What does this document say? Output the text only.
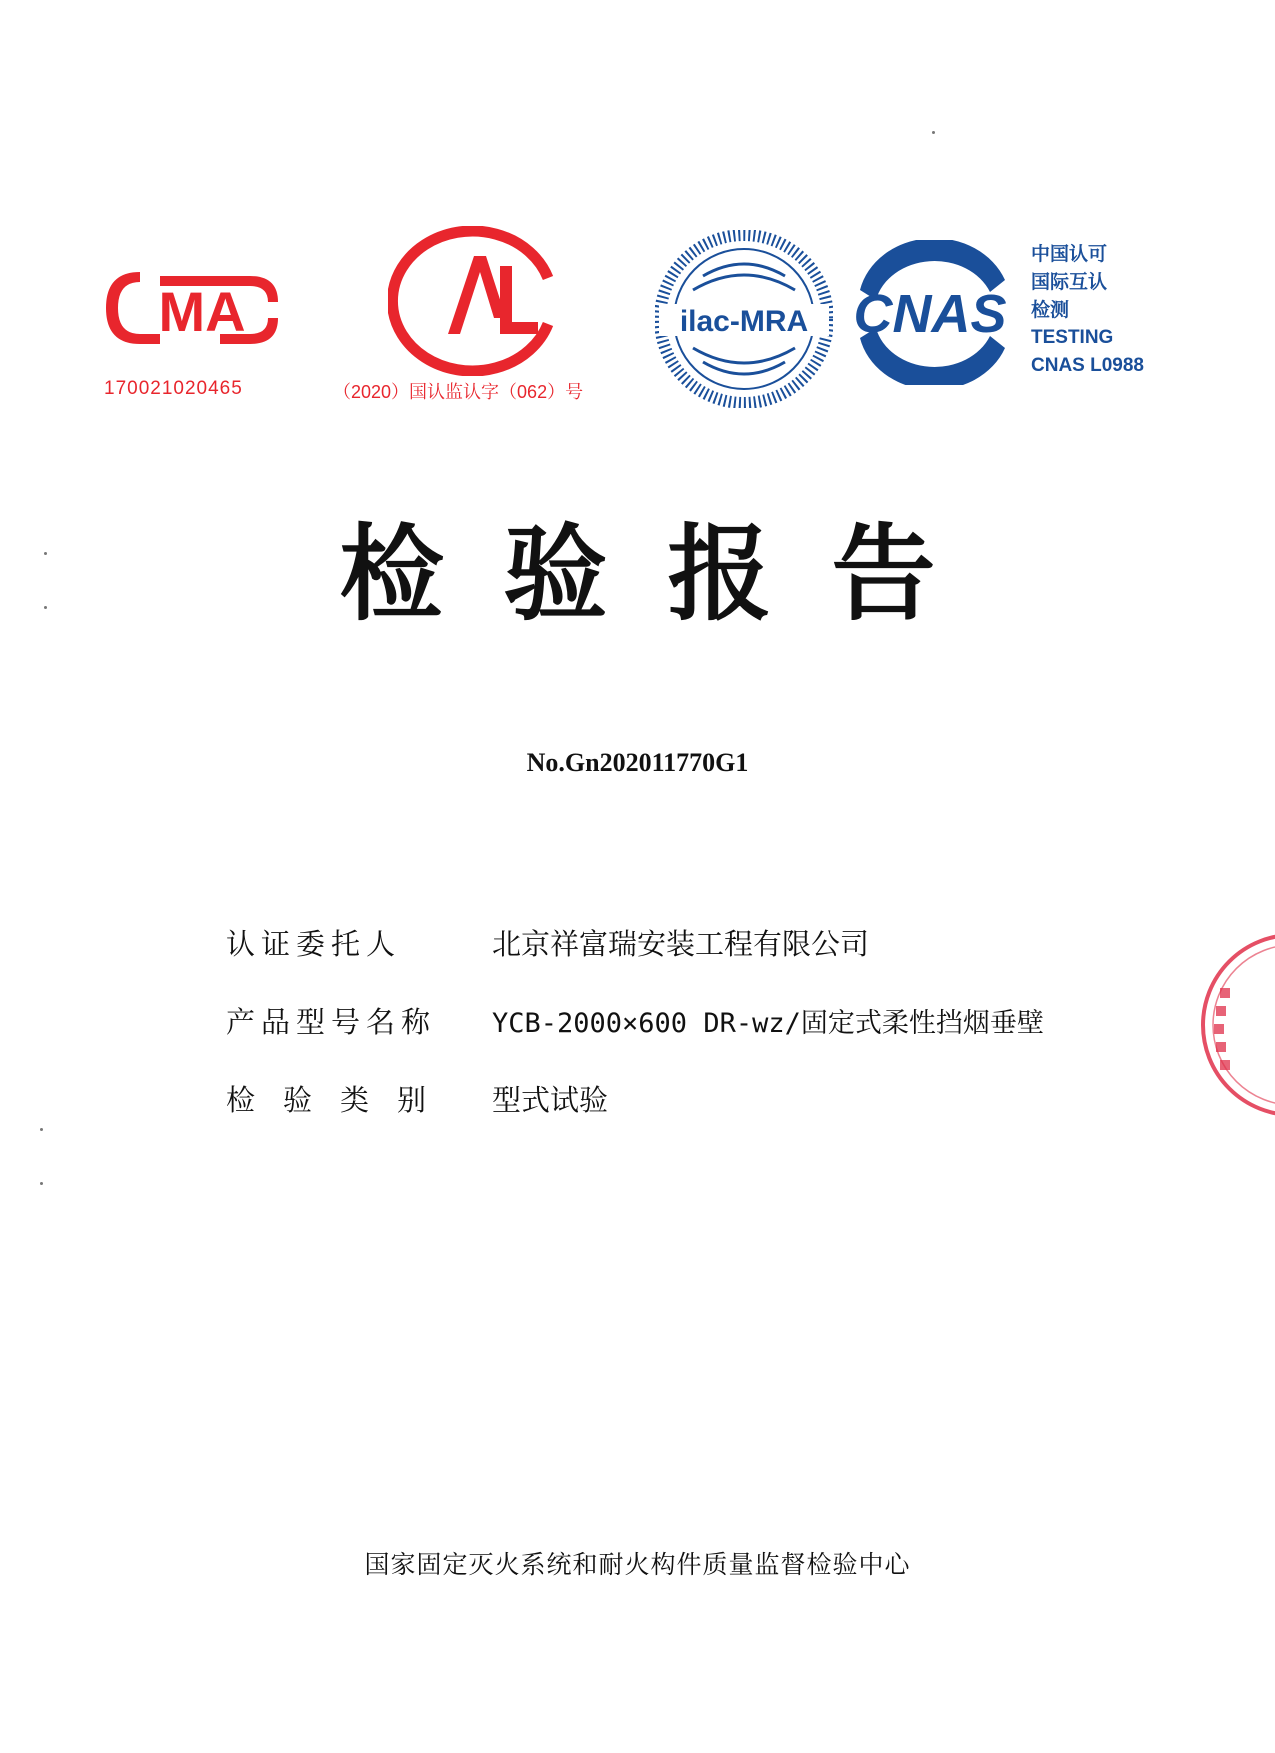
MA
170021020465	（2020）国认监认字（062）号
ilac-MRA CNAS
中国认可
国际互认
检测
TESTING
CNAS L0988
检验报告
No.Gn202011770G1
认证委托人	北京祥富瑞安装工程有限公司
产品型号名称 YCB-2000×600 DR-wz/固定式柔性挡烟垂壁
检验类别 型式试验
国家固定灭火系统和耐火构件质量监督检验中心
